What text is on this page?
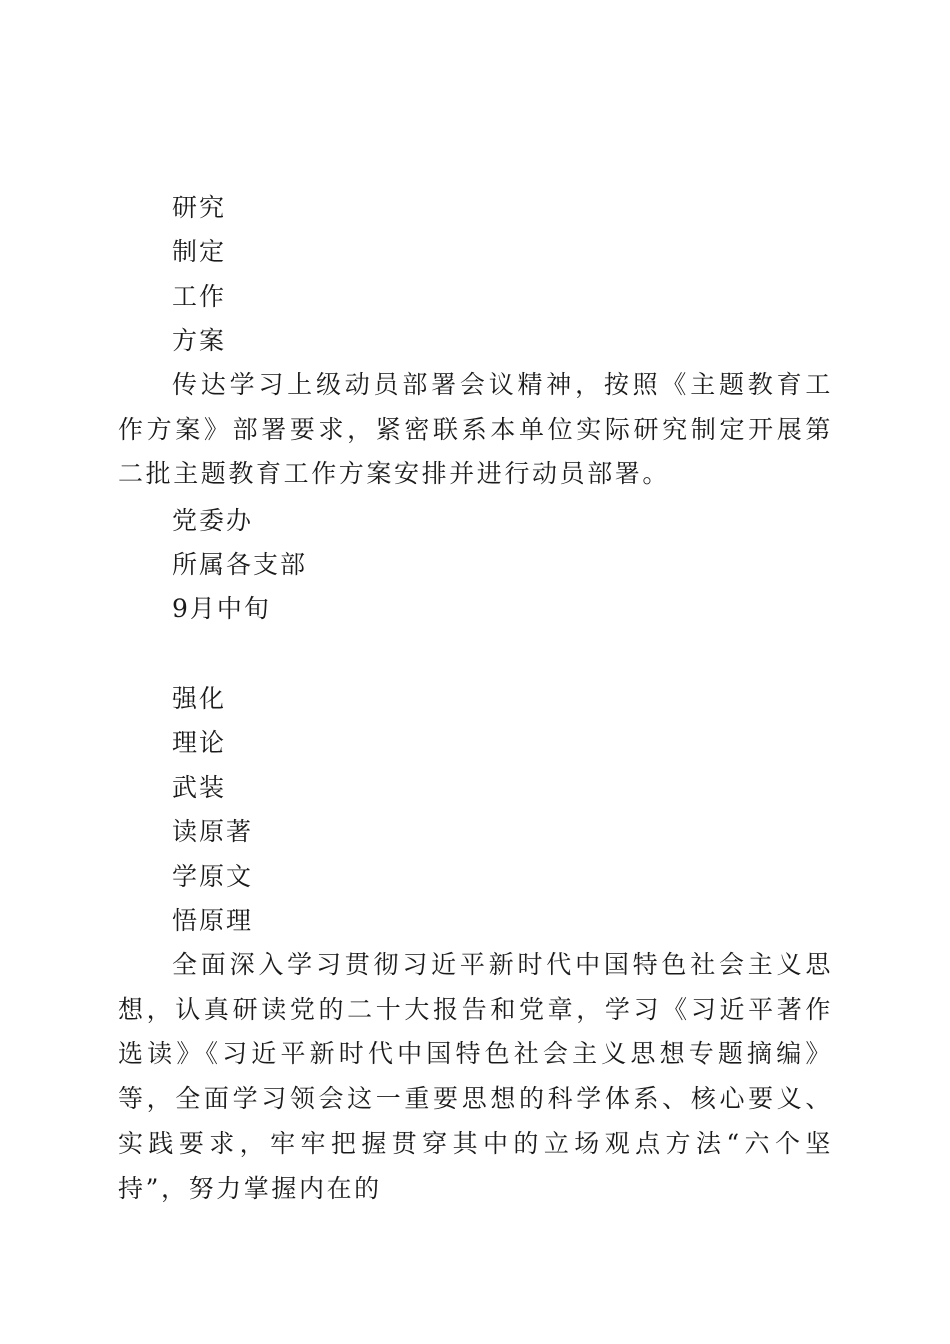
研究
制定
工作
方案

传达学习上级动员部署会议精神，按照《主题教育工作方案》部署要求，紧密联系本单位实际研究制定开展第二批主题教育工作方案安排并进行动员部署。

党委办
所属各支部
9月中旬
强化
理论
武装
读原著
学原文
悟原理

全面深入学习贯彻习近平新时代中国特色社会主义思想，认真研读党的二十大报告和党章，学习《习近平著作选读》《习近平新时代中国特色社会主义思想专题摘编》等，全面学习领会这一重要思想的科学体系、核心要义、实践要求，牢牢把握贯穿其中的立场观点方法“六个坚持”，努力掌握内在的
